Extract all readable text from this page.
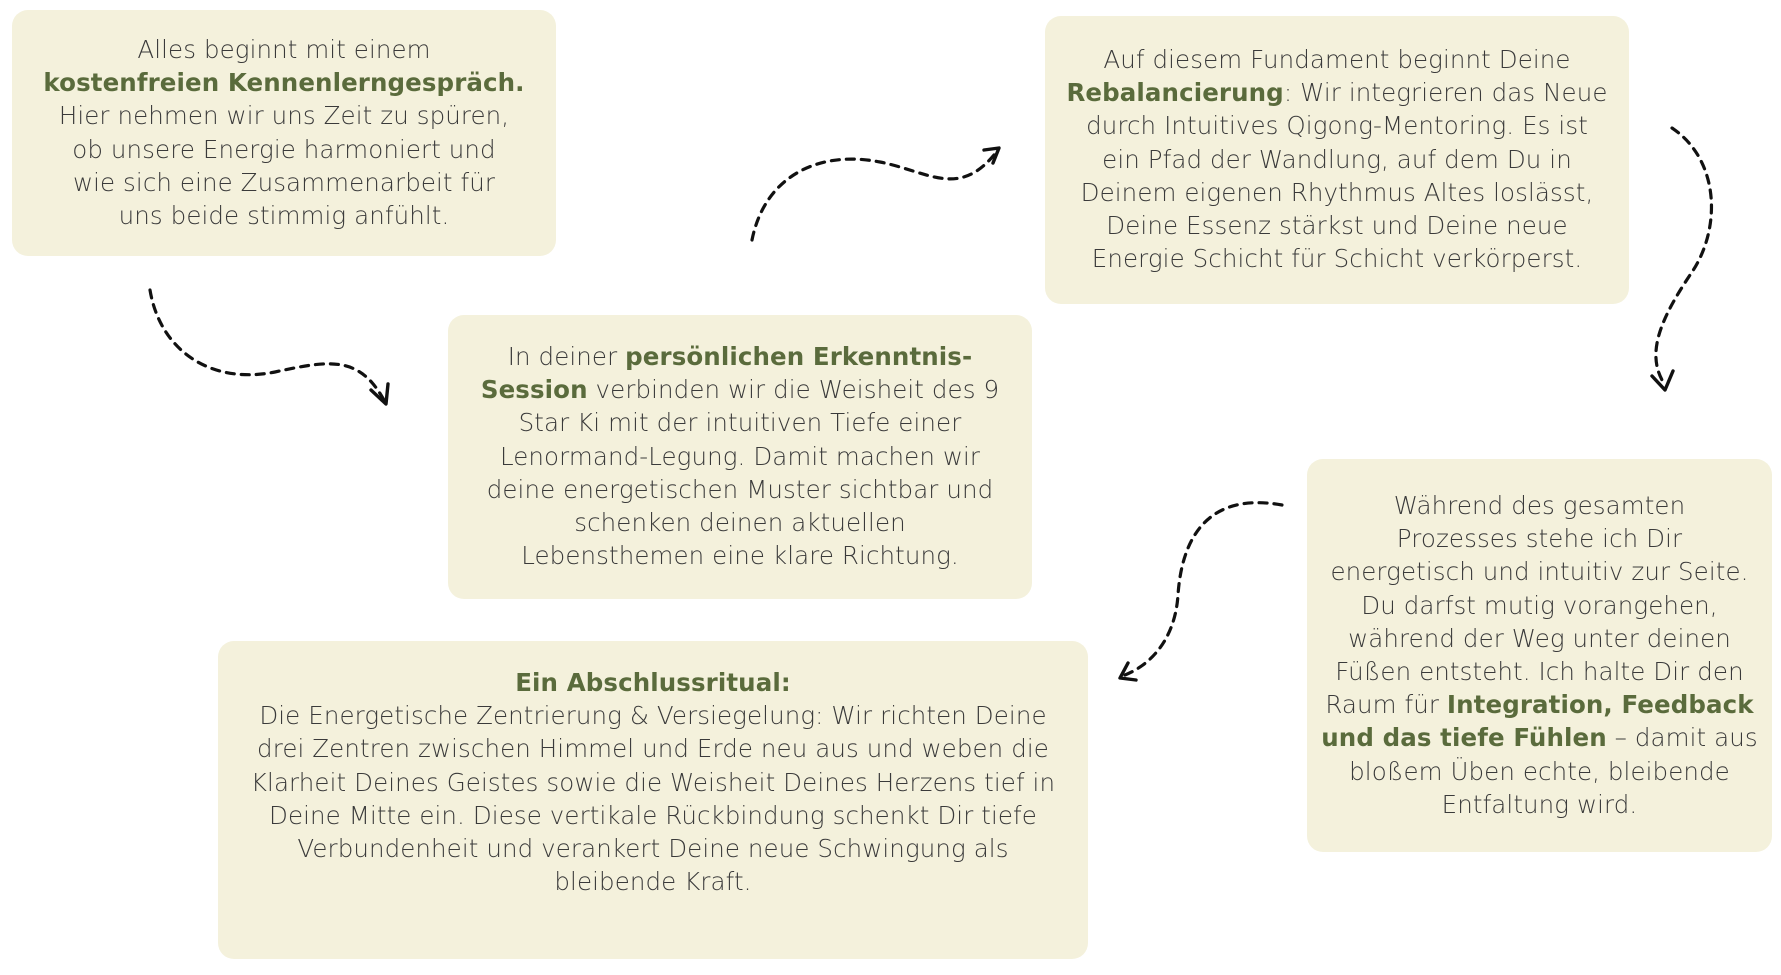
Alles beginnt mit einem
kostenfreien Kennenlerngespräch.
Hier nehmen wir uns Zeit zu spüren,
ob unsere Energie harmoniert und
wie sich eine Zusammenarbeit für
uns beide stimmig anfühlt.

In deiner persönlichen Erkenntnis-
Session verbinden wir die Weisheit des 9
Star Ki mit der intuitiven Tiefe einer
Lenormand-Legung. Damit machen wir
deine energetischen Muster sichtbar und
schenken deinen aktuellen
Lebensthemen eine klare Richtung.

Auf diesem Fundament beginnt Deine
Rebalancierung: Wir integrieren das Neue
durch Intuitives Qigong-Mentoring. Es ist
ein Pfad der Wandlung, auf dem Du in
Deinem eigenen Rhythmus Altes loslässt,
Deine Essenz stärkst und Deine neue
Energie Schicht für Schicht verkörperst.

Während des gesamten
Prozesses stehe ich Dir
energetisch und intuitiv zur Seite.
Du darfst mutig vorangehen,
während der Weg unter deinen
Füßen entsteht. Ich halte Dir den
Raum für Integration, Feedback
und das tiefe Fühlen – damit aus
bloßem Üben echte, bleibende
Entfaltung wird.

Ein Abschlussritual:
Die Energetische Zentrierung & Versiegelung: Wir richten Deine
drei Zentren zwischen Himmel und Erde neu aus und weben die
Klarheit Deines Geistes sowie die Weisheit Deines Herzens tief in
Deine Mitte ein. Diese vertikale Rückbindung schenkt Dir tiefe
Verbundenheit und verankert Deine neue Schwingung als
bleibende Kraft.
